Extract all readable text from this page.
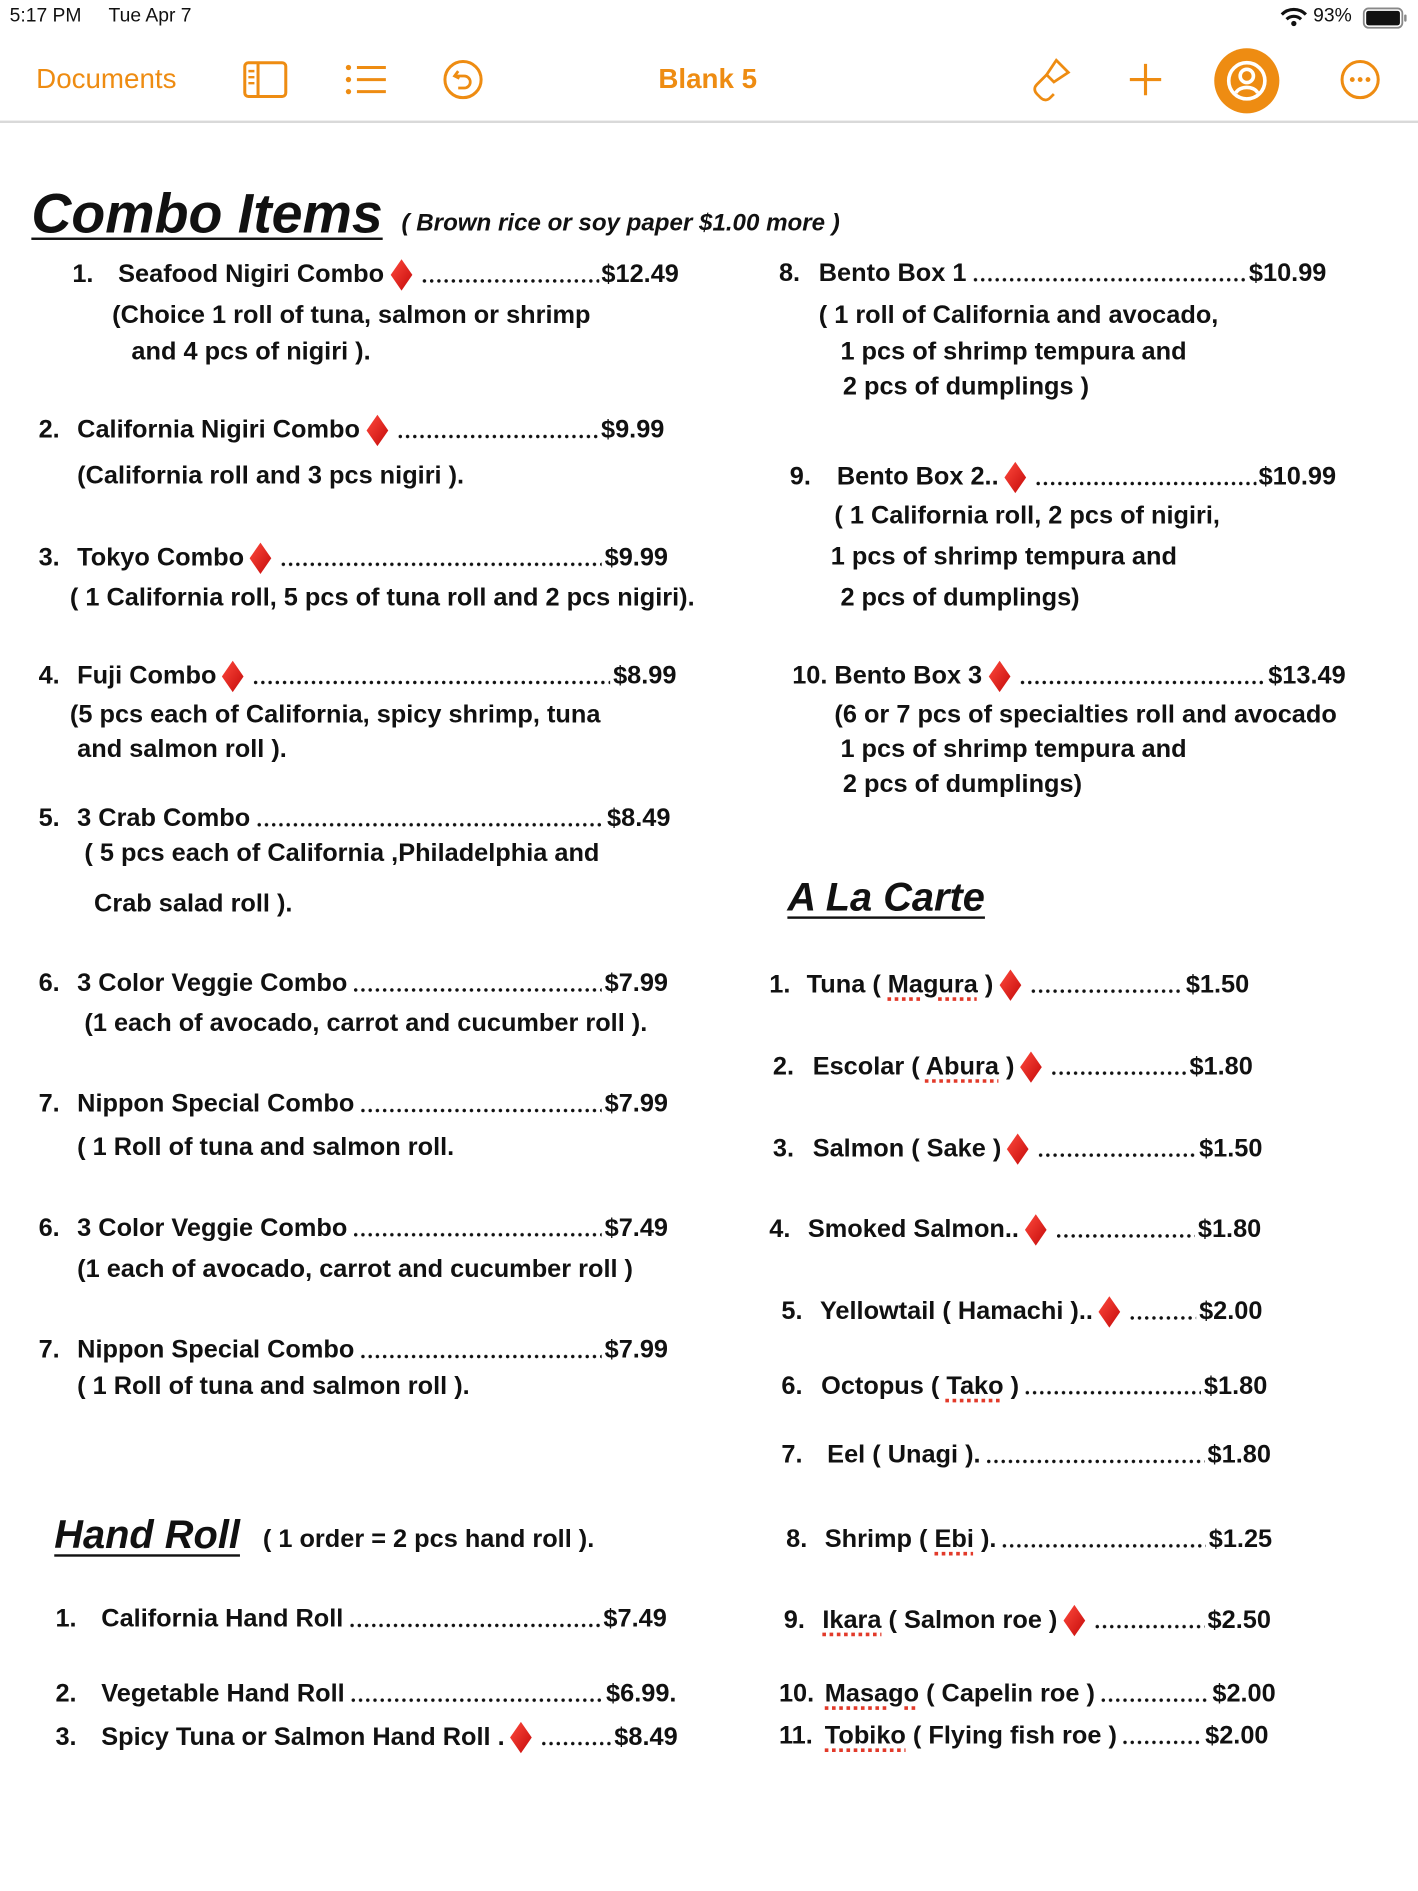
5:17 PM Tue Apr 7	93%
Documents	Blank 5
Combo Items ( Brown rice or soy paper $1.00 more )
Hand Roll ( 1 order = 2 pcs hand roll ).
A La Carte
1.	Seafood Nigiri Combo	$12.49
(Choice 1 roll of tuna, salmon or shrimp
and 4 pcs of nigiri ).
2. California Nigiri Combo	$9.99
(California roll and 3 pcs nigiri ).
3. Tokyo Combo	$9.99
( 1 California roll, 5 pcs of tuna roll and 2 pcs nigiri).
4. Fuji Combo	$8.99
(5 pcs each of California, spicy shrimp, tuna
and salmon roll ).
5. 3 Crab Combo	$8.49
( 5 pcs each of California ,Philadelphia and
Crab salad roll ).
6. 3 Color Veggie Combo	$7.99
(1 each of avocado, carrot and cucumber roll ).
7. Nippon Special Combo	$7.99
( 1 Roll of tuna and salmon roll.
6. 3 Color Veggie Combo	$7.49
(1 each of avocado, carrot and cucumber roll )
7. Nippon Special Combo	$7.99
( 1 Roll of tuna and salmon roll ).
8. Bento Box 1	$10.99
( 1 roll of California and avocado,
1 pcs of shrimp tempura and
2 pcs of dumplings )
9.	Bento Box 2..	$10.99
( 1 California roll, 2 pcs of nigiri,
1 pcs of shrimp tempura and
2 pcs of dumplings)
10. Bento Box 3	$13.49
(6 or 7 pcs of specialties roll and avocado
1 pcs of shrimp tempura and
2 pcs of dumplings)
1.	California Hand Roll	$7.49
2.	Vegetable Hand Roll	$6.99.
3.	Spicy Tuna or Salmon Hand Roll .	$8.49
1. Tuna ( Magura )	$1.50
2. Escolar ( Abura )	$1.80
3. Salmon ( Sake )	$1.50
4. Smoked Salmon..	$1.80
5. Yellowtail ( Hamachi )..	$2.00
6. Octopus ( Tako )	$1.80
7.	Eel ( Unagi ).	$1.80
8. Shrimp ( Ebi ).	$1.25
9. Ikara ( Salmon roe )	$2.50
10. Masago ( Capelin roe )	$2.00
11. Tobiko ( Flying fish roe )	$2.00
